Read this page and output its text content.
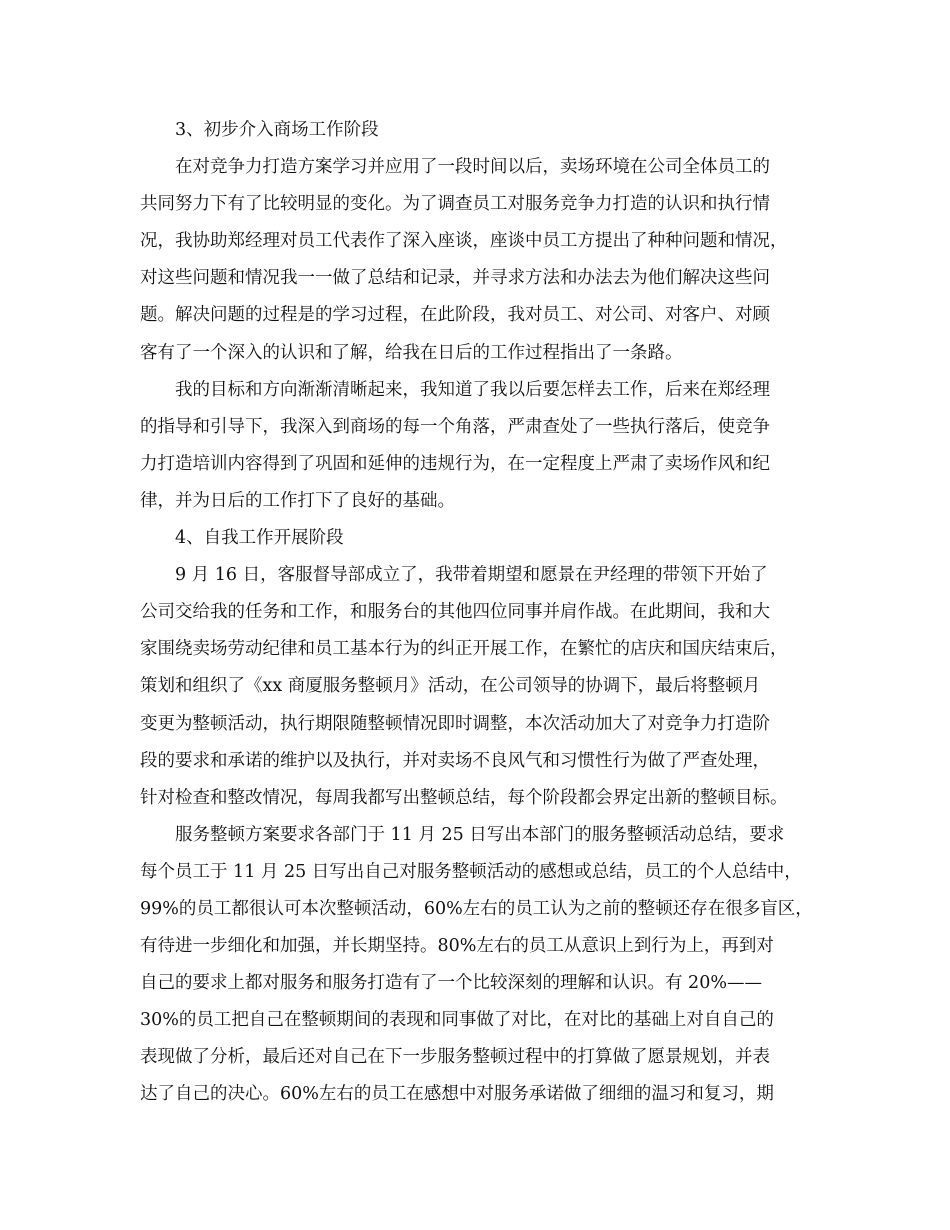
3、初步介入商场工作阶段
在对竞争力打造方案学习并应用了一段时间以后，卖场环境在公司全体员工的
共同努力下有了比较明显的变化。为了调查员工对服务竞争力打造的认识和执行情
况，我协助郑经理对员工代表作了深入座谈，座谈中员工方提出了种种问题和情况，
对这些问题和情况我一一做了总结和记录，并寻求方法和办法去为他们解决这些问
题。解决问题的过程是的学习过程，在此阶段，我对员工、对公司、对客户、对顾
客有了一个深入的认识和了解，给我在日后的工作过程指出了一条路。
我的目标和方向渐渐清晰起来，我知道了我以后要怎样去工作，后来在郑经理
的指导和引导下，我深入到商场的每一个角落，严肃查处了一些执行落后，使竞争
力打造培训内容得到了巩固和延伸的违规行为，在一定程度上严肃了卖场作风和纪
律，并为日后的工作打下了良好的基础。
4、自我工作开展阶段
9 月 16 日，客服督导部成立了，我带着期望和愿景在尹经理的带领下开始了
公司交给我的任务和工作，和服务台的其他四位同事并肩作战。在此期间，我和大
家围绕卖场劳动纪律和员工基本行为的纠正开展工作，在繁忙的店庆和国庆结束后，
策划和组织了《xx 商厦服务整顿月》活动，在公司领导的协调下，最后将整顿月
变更为整顿活动，执行期限随整顿情况即时调整，本次活动加大了对竞争力打造阶
段的要求和承诺的维护以及执行，并对卖场不良风气和习惯性行为做了严查处理，
针对检查和整改情况，每周我都写出整顿总结，每个阶段都会界定出新的整顿目标。
服务整顿方案要求各部门于 11 月 25 日写出本部门的服务整顿活动总结，要求
每个员工于 11 月 25 日写出自己对服务整顿活动的感想或总结，员工的个人总结中，
99%的员工都很认可本次整顿活动，60%左右的员工认为之前的整顿还存在很多盲区，
有待进一步细化和加强，并长期坚持。80%左右的员工从意识上到行为上，再到对
自己的要求上都对服务和服务打造有了一个比较深刻的理解和认识。有 20%——
30%的员工把自己在整顿期间的表现和同事做了对比，在对比的基础上对自自己的
表现做了分析，最后还对自己在下一步服务整顿过程中的打算做了愿景规划，并表
达了自己的决心。60%左右的员工在感想中对服务承诺做了细细的温习和复习，期
